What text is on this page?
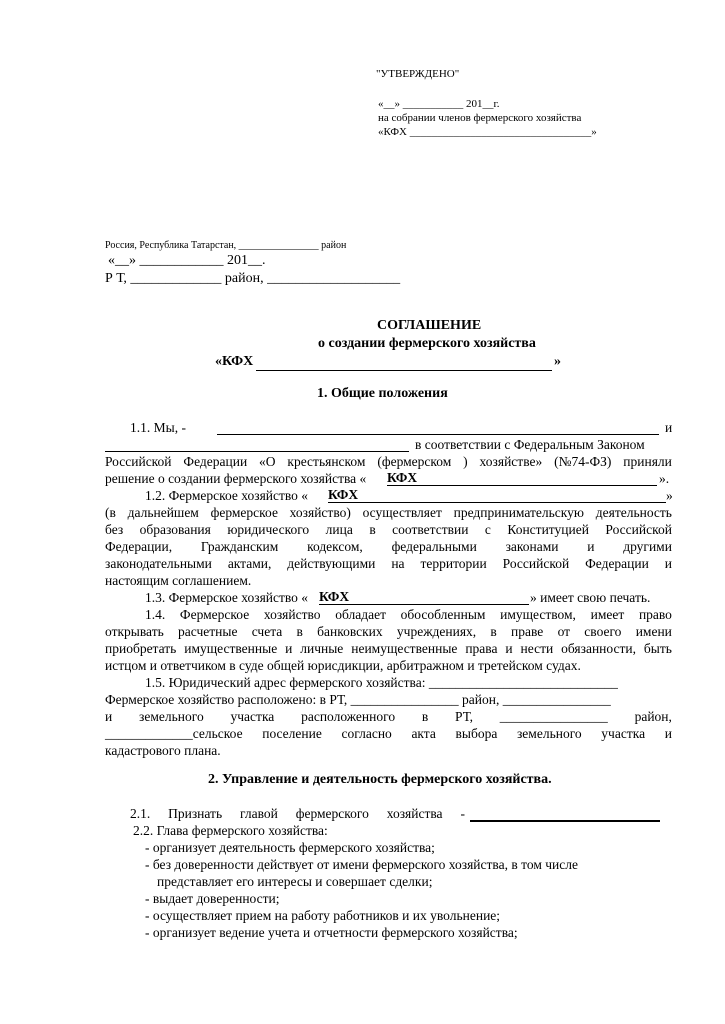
"УТВЕРЖДЕНО"
«__» ___________ 201__г.
на собрании членов фермерского хозяйства
«КФХ _________________________________»
Россия, Республика Татарстан, ________________ район
«__» ____________ 201__.
Р Т, _____________ район, ___________________
СОГЛАШЕНИЕ
о создании фермерского хозяйства
«КФХ	»
1. Общие положения
1.1. Мы, -	и
в соответствии с Федеральным Законом
Российской Федерации «О крестьянском (фермерском ) хозяйстве» (№74-ФЗ) приняли
решение о создании фермерского хозяйства « КФХ	».
1.2. Фермерское хозяйство « КФХ	»
(в дальнейшем фермерское хозяйство) осуществляет предпринимательскую деятельность
без образования юридического лица в соответствии с Конституцией Российской
Федерации, Гражданским кодексом, федеральными законами и другими
законодательными актами, действующими на территории Российской Федерации и
настоящим соглашением.
1.3. Фермерское хозяйство « КФХ	» имеет свою печать.
1.4. Фермерское хозяйство обладает обособленным имуществом, имеет право
открывать расчетные счета в банковских учреждениях, в праве от своего имени
приобретать имущественные и личные неимущественные права и нести обязанности, быть
истцом и ответчиком в суде общей юрисдикции, арбитражном и третейском судах.
1.5. Юридический адрес фермерского хозяйства: ____________________________
Фермерское хозяйство расположено: в РТ, ________________ район, ________________
и земельного участка расположенного в РТ, ________________ район,
_____________сельское поселение согласно акта выбора земельного участка и
кадастрового плана.
2. Управление и деятельность фермерского хозяйства.
2.1. Признать главой фермерского хозяйства -
2.2. Глава фермерского хозяйства:
- организует деятельность фермерского хозяйства;
- без доверенности действует от имени фермерского хозяйства, в том числе
представляет его интересы и совершает сделки;
- выдает доверенности;
- осуществляет прием на работу работников и их увольнение;
- организует ведение учета и отчетности фермерского хозяйства;
